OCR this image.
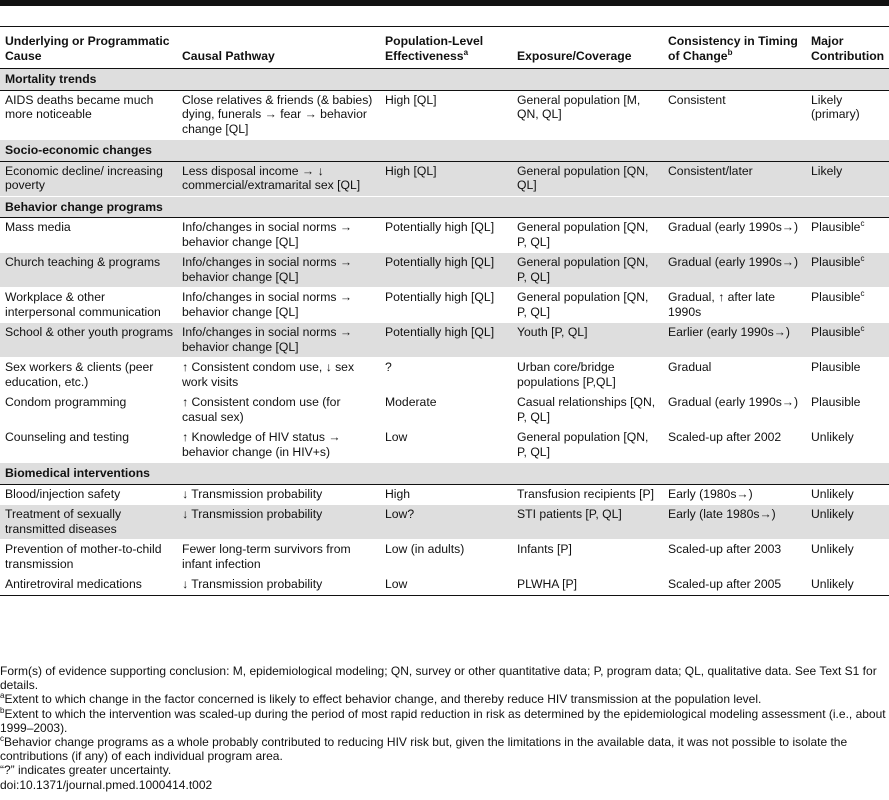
Underlying or Programmatic Cause	Causal Pathway	Population-Level Effectiveness$^a$	Exposure/Coverage	Consistency in Timing of Change$^b$	Major Contribution
Mortality trends					
AIDS deaths became much more noticeable	Close relatives & friends (& babies) dying, funerals → fear → behavior change [QL]	High [QL]	General population [M, QN, QL]	Consistent	Likely (primary)
Socio-economic changes					
Economic decline/ increasing poverty	Less disposal income → ↓ commercial/extramarital sex [QL]	High [QL]	General population [QN, QL]	Consistent/later	Likely
Behavior change programs					
Mass media	Info/changes in social norms → behavior change [QL]	Potentially high [QL]	General population [QN, P, QL]	Gradual (early 1990s→)	Plausible$^c$
Church teaching & programs	Info/changes in social norms → behavior change [QL]	Potentially high [QL]	General population [QN, P, QL]	Gradual (early 1990s→)	Plausible$^c$
Workplace & other interpersonal communication	Info/changes in social norms → behavior change [QL]	Potentially high [QL]	General population [QN, P, QL]	Gradual, ↑ after late 1990s	Plausible$^c$
School & other youth programs	Info/changes in social norms → behavior change [QL]	Potentially high [QL]	Youth [P, QL]	Earlier (early 1990s→)	Plausible$^c$
Sex workers & clients (peer education, etc.)	↑ Consistent condom use, ↓ sex work visits	?	Urban core/bridge populations [P,QL]	Gradual	Plausible
Condom programming	↑ Consistent condom use (for casual sex)	Moderate	Casual relationships [QN, P, QL]	Gradual (early 1990s→)	Plausible
Counseling and testing	↑ Knowledge of HIV status → behavior change (in HIV+s)	Low	General population [QN, P, QL]	Scaled-up after 2002	Unlikely
Biomedical interventions					
Blood/injection safety	↓ Transmission probability	High	Transfusion recipients [P]	Early (1980s→)	Unlikely
Treatment of sexually transmitted diseases	↓ Transmission probability	Low?	STI patients [P, QL]	Early (late 1980s→)	Unlikely
Prevention of mother-to-child transmission	Fewer long-term survivors from infant infection	Low (in adults)	Infants [P]	Scaled-up after 2003	Unlikely
Antiretroviral medications	↓ Transmission probability	Low	PLWHA [P]	Scaled-up after 2005	Unlikely
Form(s) of evidence supporting conclusion: M, epidemiological modeling; QN, survey or other quantitative data; P, program data; QL, qualitative data. See Text S1 for details.
$^a$Extent to which change in the factor concerned is likely to effect behavior change, and thereby reduce HIV transmission at the population level.
$^b$Extent to which the intervention was scaled-up during the period of most rapid reduction in risk as determined by the epidemiological modeling assessment (i.e., about 1999–2003).
$^c$Behavior change programs as a whole probably contributed to reducing HIV risk but, given the limitations in the available data, it was not possible to isolate the contributions (if any) of each individual program area.
“?” indicates greater uncertainty.
doi:10.1371/journal.pmed.1000414.t002
